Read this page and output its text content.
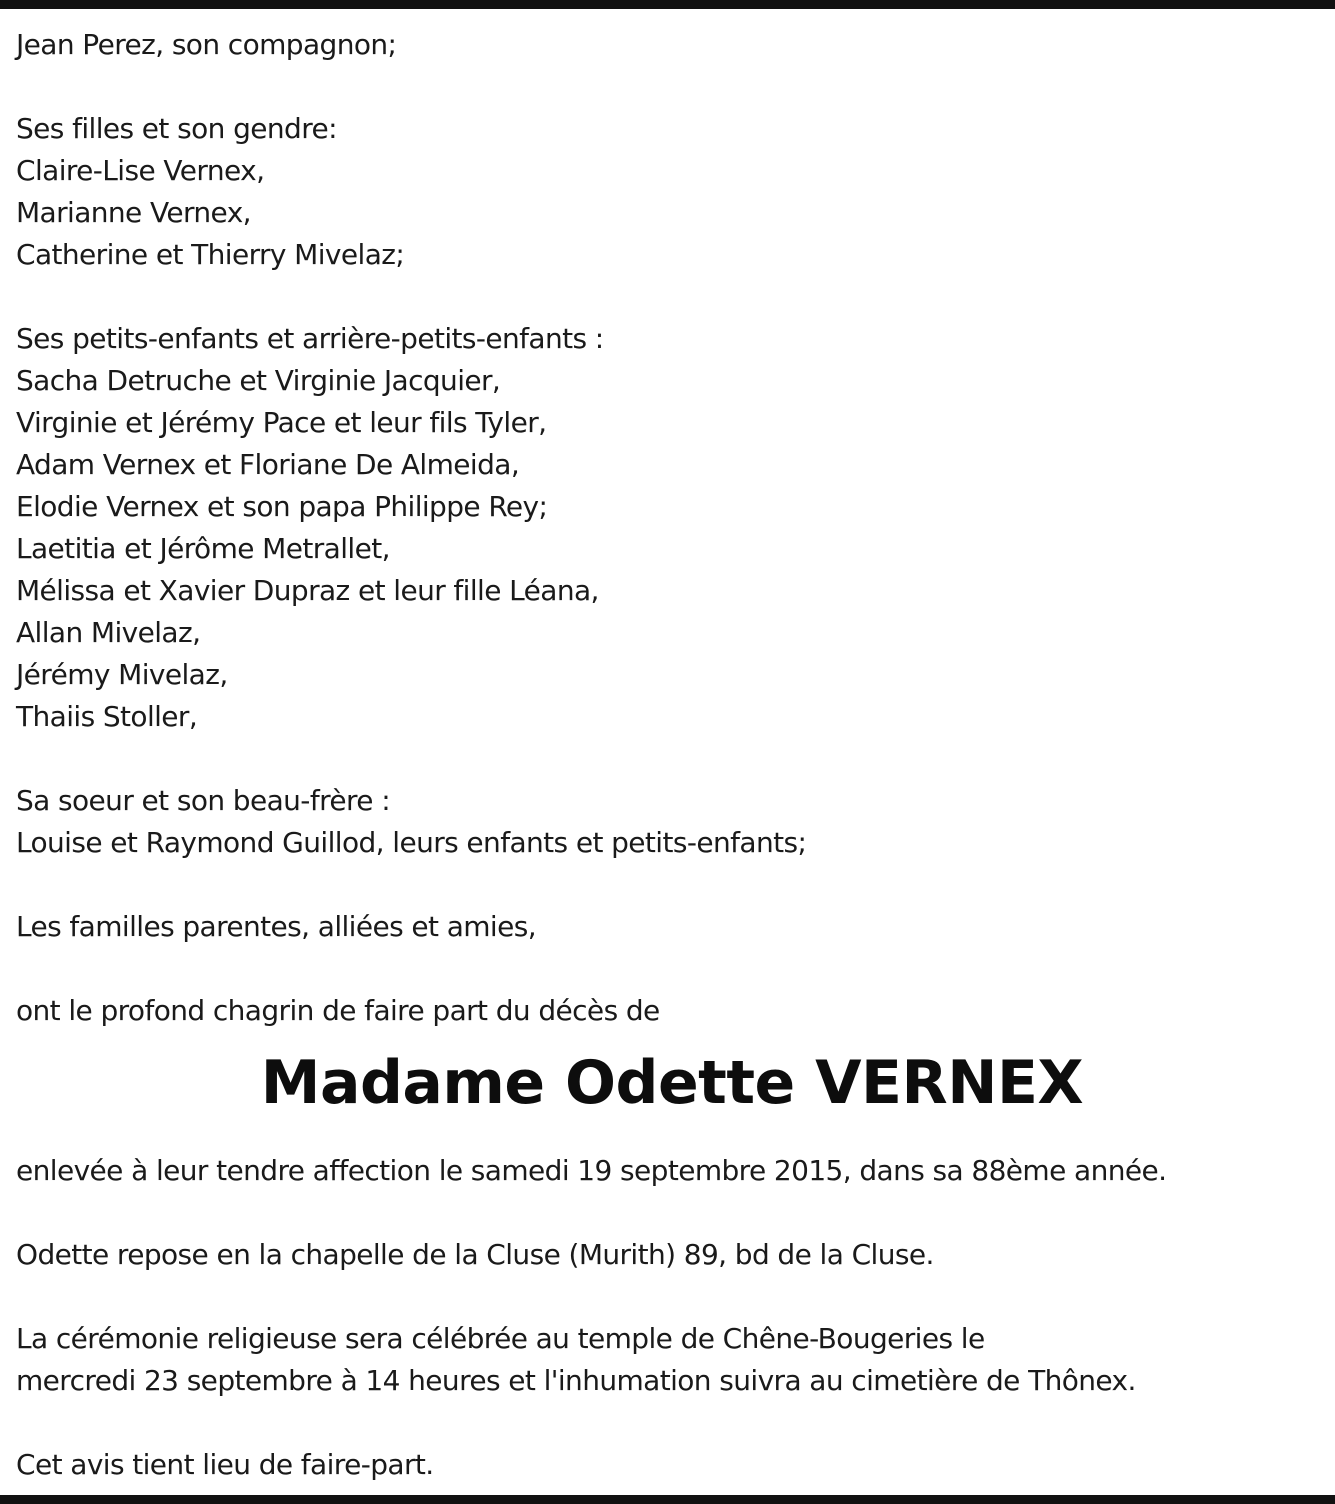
Jean Perez, son compagnon;
Ses filles et son gendre:
Claire-Lise Vernex,
Marianne Vernex,
Catherine et Thierry Mivelaz;
Ses petits-enfants et arrière-petits-enfants :
Sacha Detruche et Virginie Jacquier,
Virginie et Jérémy Pace et leur fils Tyler,
Adam Vernex et Floriane De Almeida,
Elodie Vernex et son papa Philippe Rey;
Laetitia et Jérôme Metrallet,
Mélissa et Xavier Dupraz et leur fille Léana,
Allan Mivelaz,
Jérémy Mivelaz,
Thaiis Stoller,
Sa soeur et son beau-frère :
Louise et Raymond Guillod, leurs enfants et petits-enfants;
Les familles parentes, alliées et amies,
ont le profond chagrin de faire part du décès de
Madame Odette VERNEX
enlevée à leur tendre affection le samedi 19 septembre 2015, dans sa 88ème année.
Odette repose en la chapelle de la Cluse (Murith) 89, bd de la Cluse.
La cérémonie religieuse sera célébrée au temple de Chêne-Bougeries le
mercredi 23 septembre à 14 heures et l'inhumation suivra au cimetière de Thônex.
Cet avis tient lieu de faire-part.
